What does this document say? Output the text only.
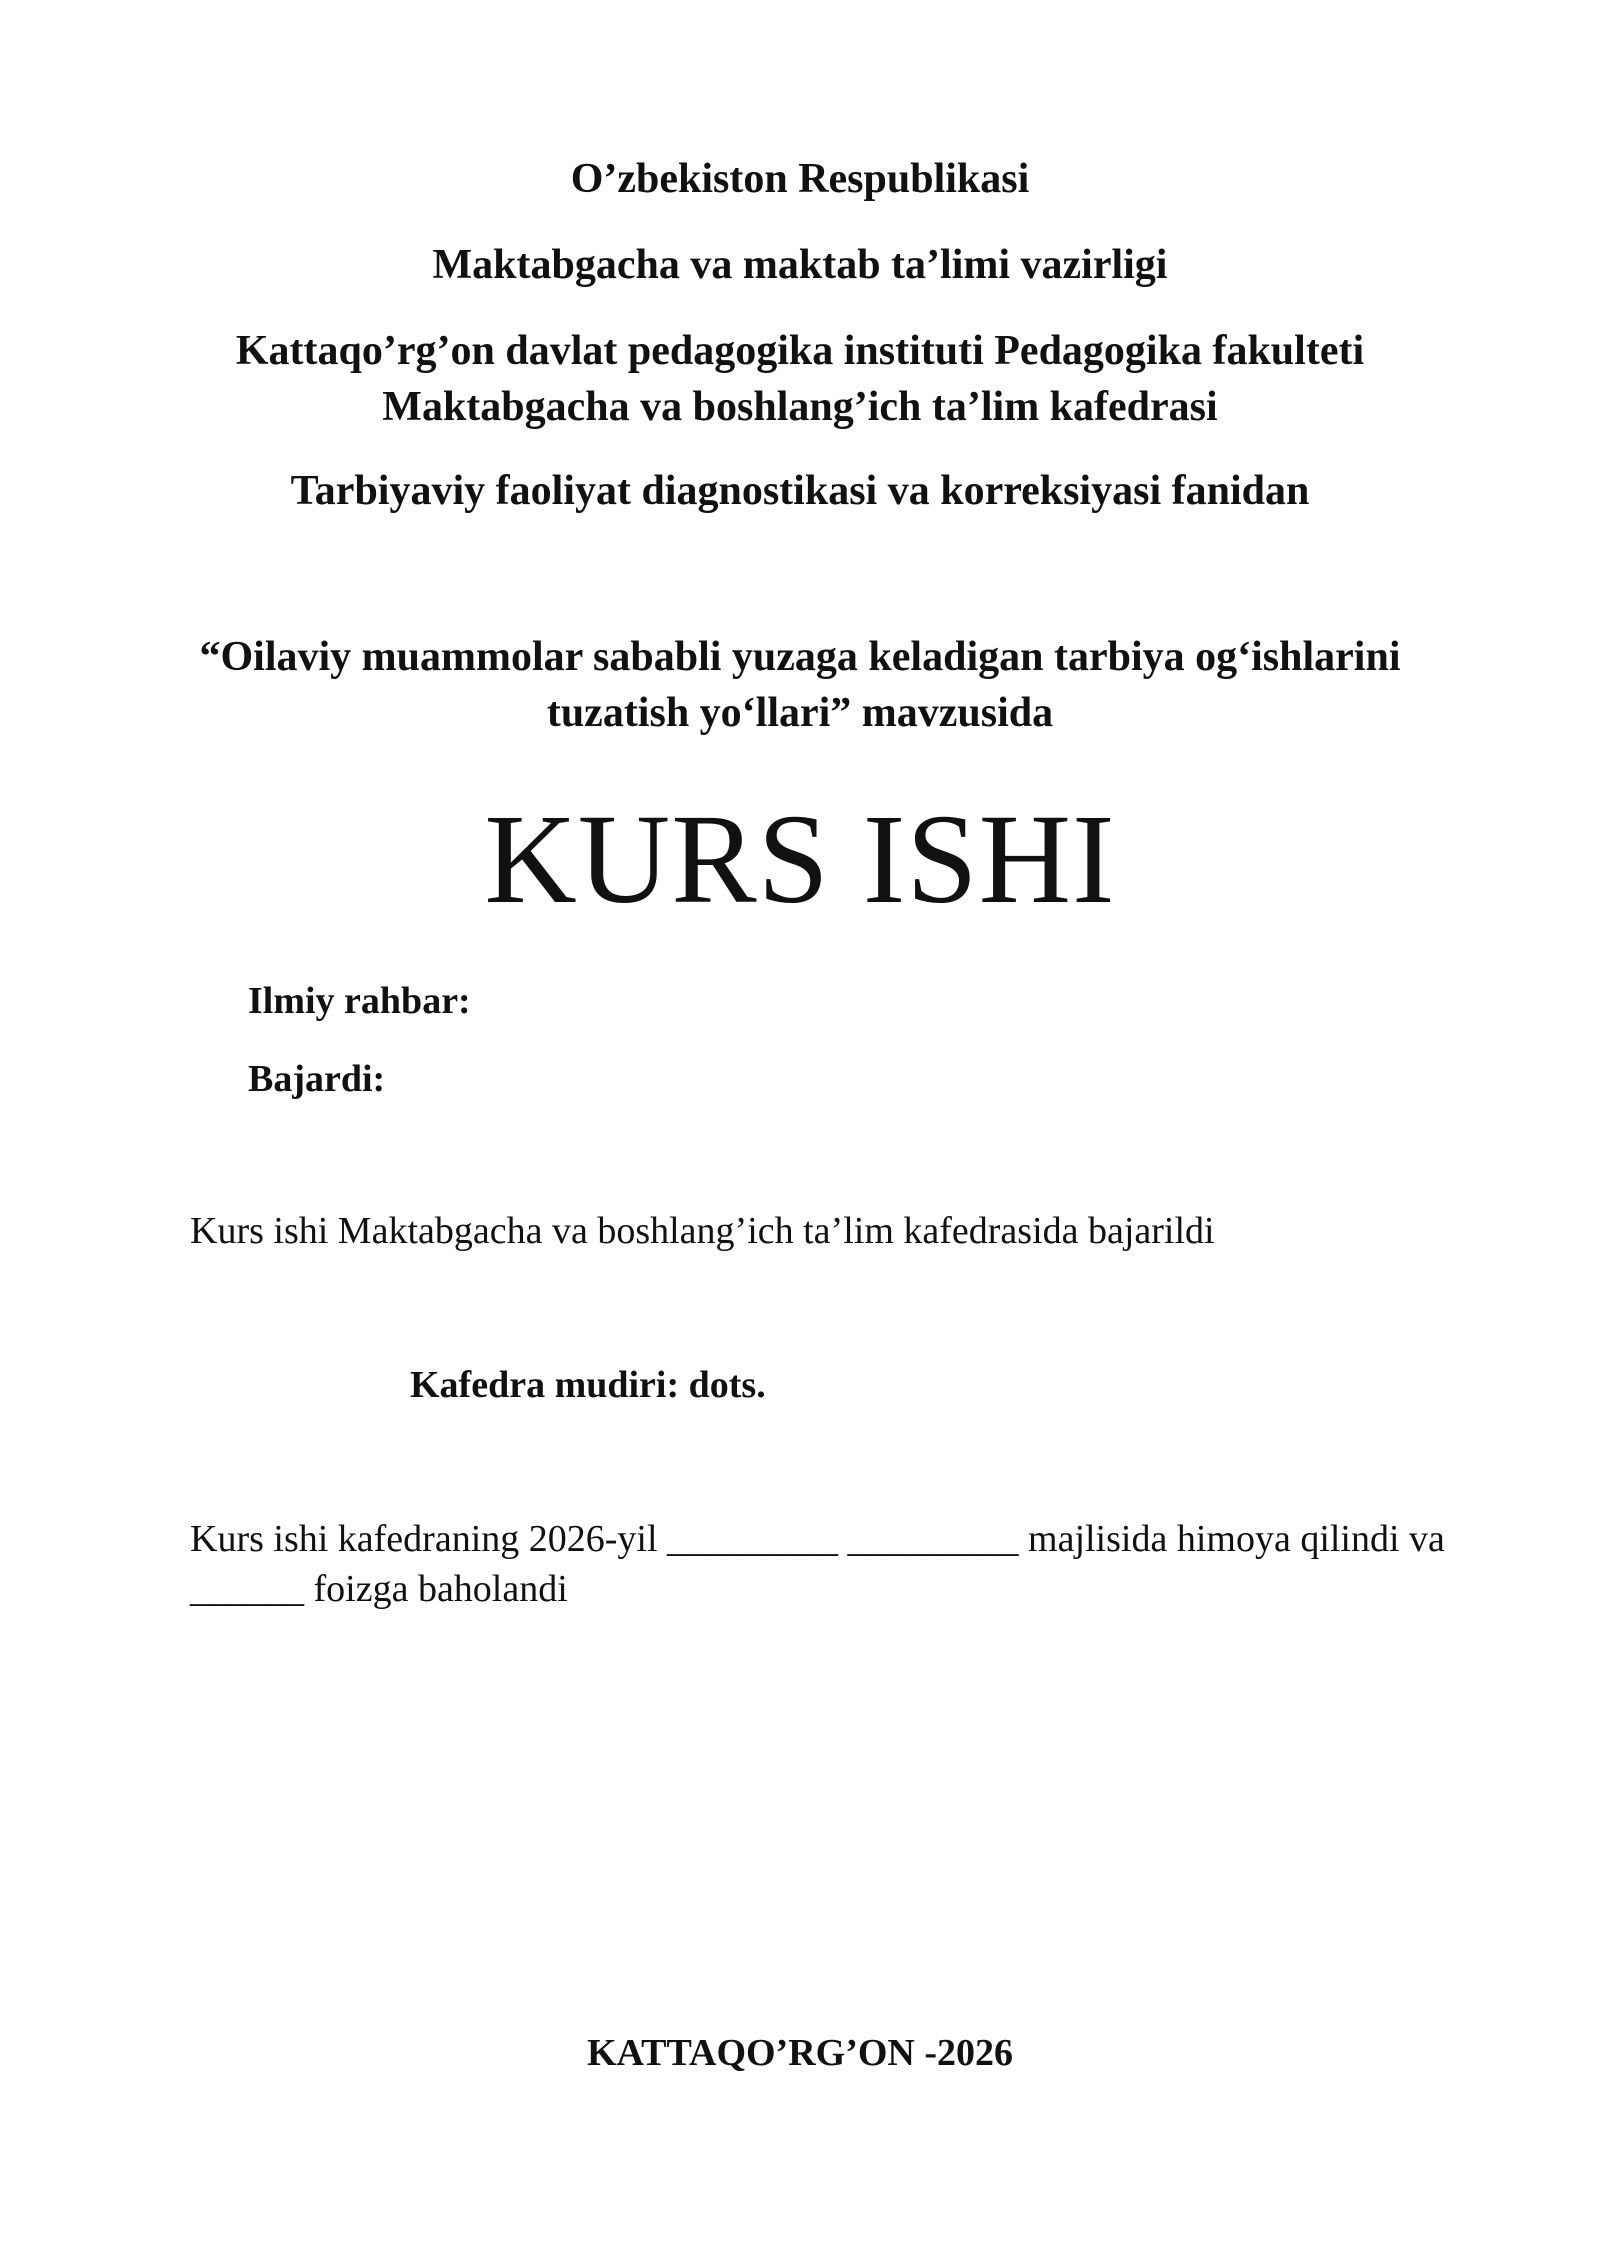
O’zbekiston Respublikasi
Maktabgacha va maktab ta’limi vazirligi
Kattaqo’rg’on davlat pedagogika instituti Pedagogika fakulteti
Maktabgacha va boshlang’ich ta’lim kafedrasi
Tarbiyaviy faoliyat diagnostikasi va korreksiyasi fanidan
“Oilaviy muammolar sababli yuzaga keladigan tarbiya og‘ishlarini
tuzatish yo‘llari” mavzusida
KURS ISHI
Ilmiy rahbar:
Bajardi:
Kurs ishi Maktabgacha va boshlang’ich ta’lim kafedrasida bajarildi
Kafedra mudiri: dots.
Kurs ishi kafedraning 2026-yil _________ _________ majlisida himoya qilindi va
______ foizga baholandi
KATTAQO’RG’ON -2026
